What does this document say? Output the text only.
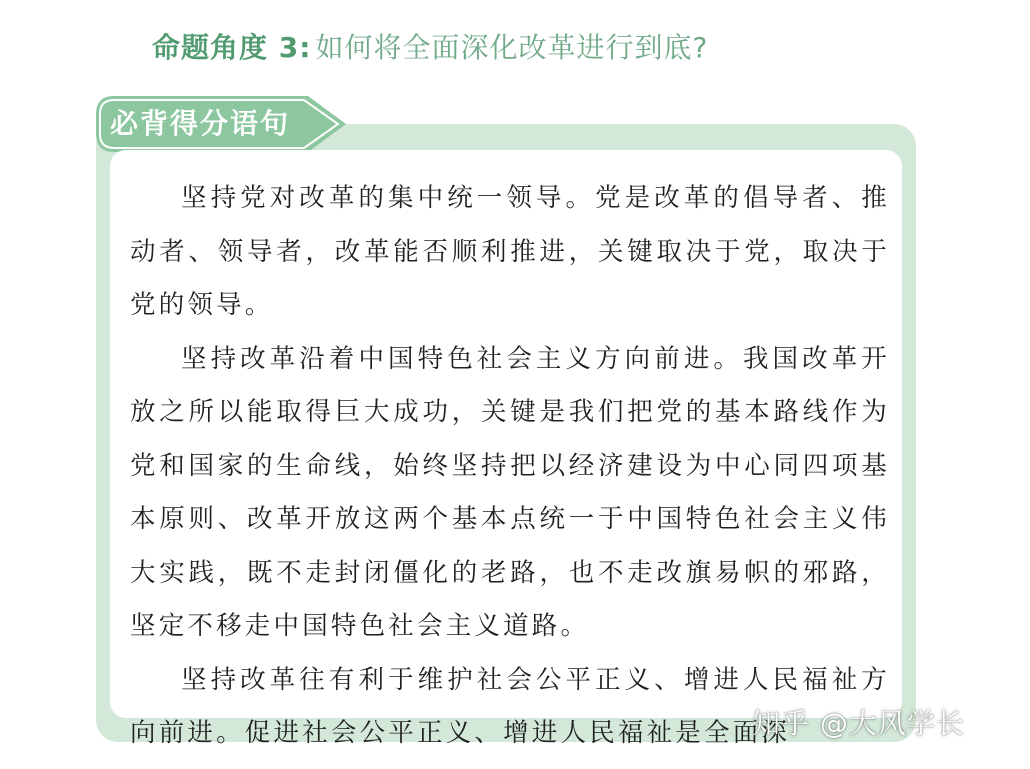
命题角度 3: 如何将全面深化改革进行到底?
必背得分语句

坚持党对改革的集中统一领导。党是改革的倡导者、推动者、领导者，改革能否顺利推进，关键取决于党，取决于党的领导。

坚持改革沿着中国特色社会主义方向前进。我国改革开放之所以能取得巨大成功，关键是我们把党的基本路线作为党和国家的生命线，始终坚持把以经济建设为中心同四项基本原则、改革开放这两个基本点统一于中国特色社会主义伟大实践，既不走封闭僵化的老路，也不走改旗易帜的邪路，坚定不移走中国特色社会主义道路。

坚持改革往有利于维护社会公平正义、增进人民福祉方向前进。促进社会公平正义、增进人民福祉是全面深

知乎 @大风学长
